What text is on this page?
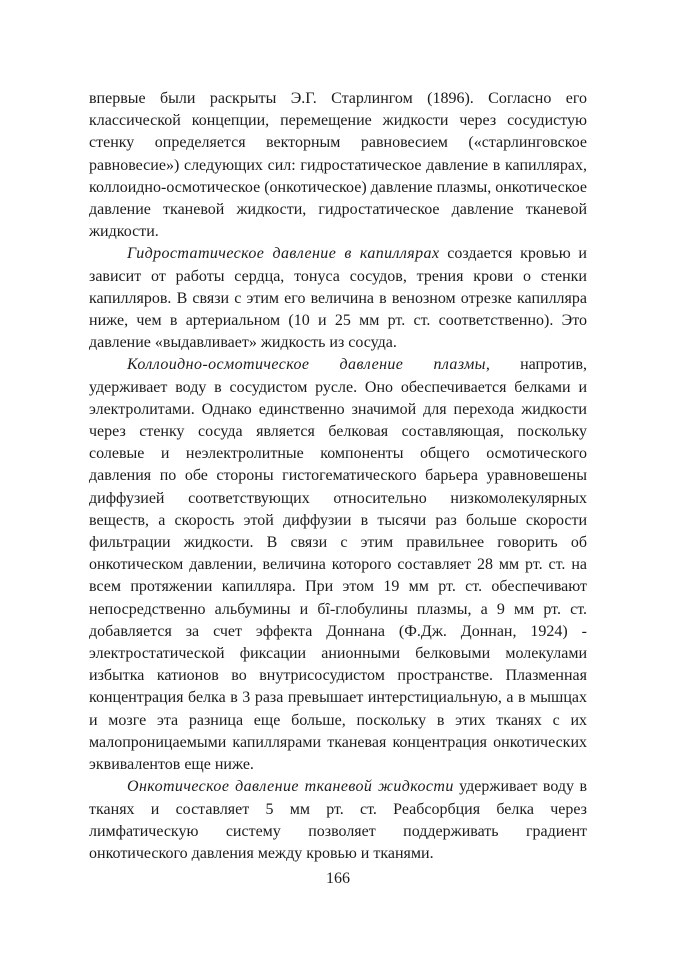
впервые были раскрыты Э.Г. Старлингом (1896). Согласно его классической концепции, перемещение жидкости через сосудистую стенку определяется векторным равновесием («старлинговское равновесие») следующих сил: гидростатическое давление в капиллярах, коллоидно-осмотическое (онкотическое) давление плазмы, онкотическое давление тканевой жидкости, гидростатическое давление тканевой жидкости.

Гидростатическое давление в капиллярах создается кровью и зависит от работы сердца, тонуса сосудов, трения крови о стенки капилляров. В связи с этим его величина в венозном отрезке капилляра ниже, чем в артериальном (10 и 25 мм рт. ст. соответственно). Это давление «выдавливает» жидкость из сосуда.

Коллоидно-осмотическое давление плазмы, напротив, удерживает воду в сосудистом русле. Оно обеспечивается белками и электролитами. Однако единственно значимой для перехода жидкости через стенку сосуда является белковая составляющая, поскольку солевые и неэлектролитные компоненты общего осмотического давления по обе стороны гистогематического барьера уравновешены диффузией соответствующих относительно низкомолекулярных веществ, а скорость этой диффузии в тысячи раз больше скорости фильтрации жидкости. В связи с этим правильнее говорить об онкотическом давлении, величина которого составляет 28 мм рт. ст. на всем протяжении капилляра. При этом 19 мм рт. ст. обеспечивают непосредственно альбумины и бȋ-глобулины плазмы, а 9 мм рт. ст. добавляется за счет эффекта Доннана (Ф.Дж. Доннан, 1924) - электростатической фиксации анионными белковыми молекулами избытка катионов во внутрисосудистом пространстве. Плазменная концентрация белка в 3 раза превышает интерстициальную, а в мышцах и мозге эта разница еще больше, поскольку в этих тканях с их малопроницаемыми капиллярами тканевая концентрация онкотических эквивалентов еще ниже.

Онкотическое давление тканевой жидкости удерживает воду в тканях и составляет 5 мм рт. ст. Реабсорбция белка через лимфатическую систему позволяет поддерживать градиент онкотического давления между кровью и тканями.

166
